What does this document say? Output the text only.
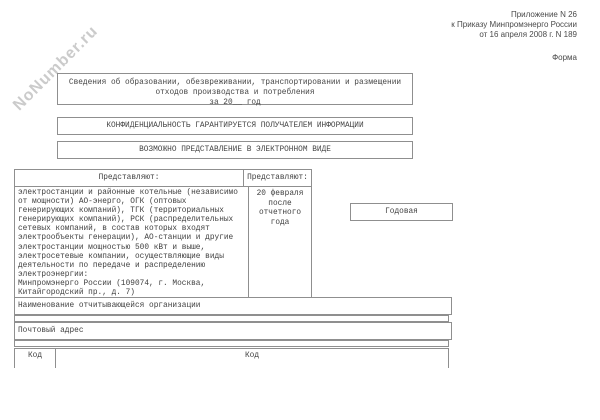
NoNumber.ru
Приложение N 26
к Приказу Минпромэнерго России
от 16 апреля 2008 г. N 189
Форма
Сведения об образовании, обезвреживании, транспортировании и размещении
отходов производства и потребления
за 20__ год
КОНФИДЕНЦИАЛЬНОСТЬ ГАРАНТИРУЕТСЯ ПОЛУЧАТЕЛЕМ ИНФОРМАЦИИ
ВОЗМОЖНО ПРЕДСТАВЛЕНИЕ В ЭЛЕКТРОННОМ ВИДЕ
Представляют:	Представляют:
электростанции и районные котельные (независимо
от мощности) АО-энерго, ОГК (оптовых
генерирующих компаний), ТГК (территориальных
генерирующих компаний), РСК (распределительных
сетевых компаний, в состав которых входят
электрообъекты генерации), АО-станции и другие
электростанции мощностью 500 кВт и выше,
электросетевые компании, осуществляющие виды
деятельности по передаче и распределению
электроэнергии:
Минпромэнерго России (109074, г. Москва,
Китайгородский пр., д. 7)
20 февраля
после
отчетного
года
Годовая
Наименование отчитывающейся организации
Почтовый адрес
Код	Код
